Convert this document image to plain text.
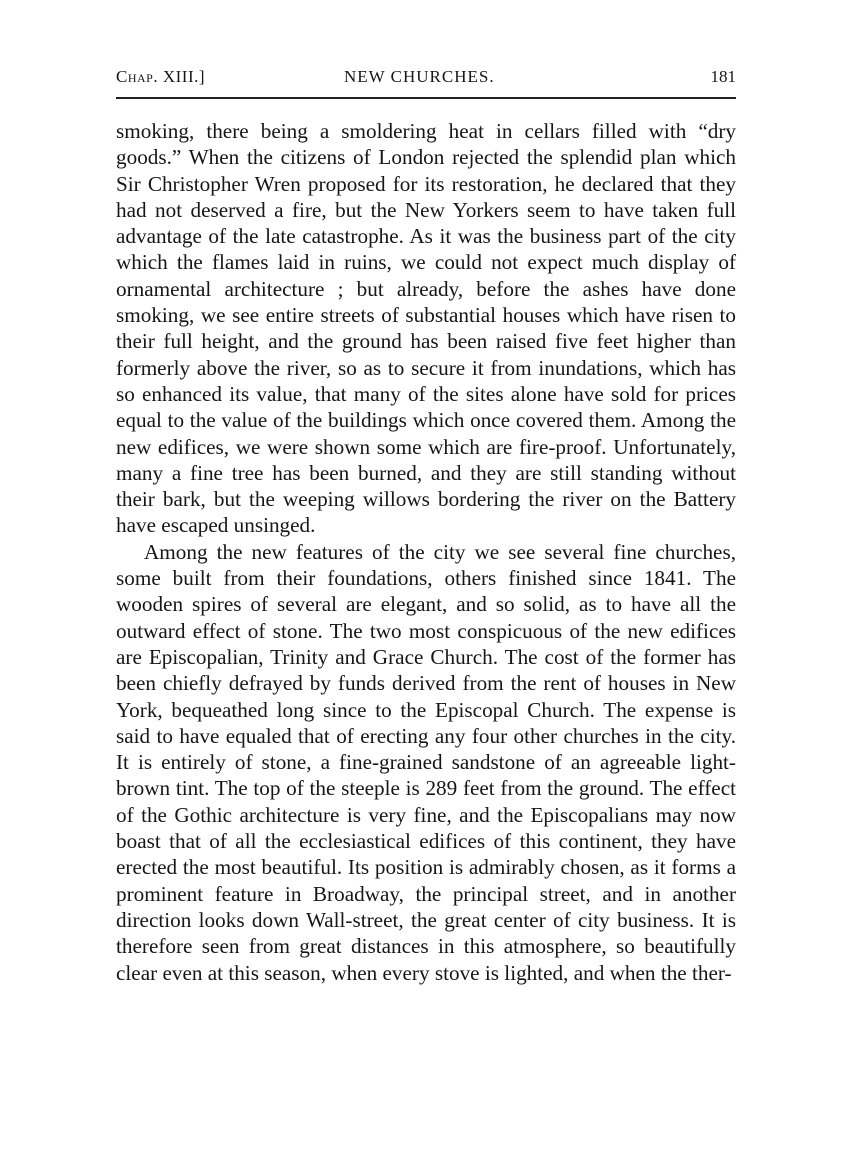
Chap. XIII.]	NEW CHURCHES.	181

smoking, there being a smoldering heat in cellars filled with “dry goods.” When the citizens of London rejected the splendid plan which Sir Christopher Wren proposed for its restoration, he declared that they had not deserved a fire, but the New Yorkers seem to have taken full advantage of the late catastrophe. As it was the business part of the city which the flames laid in ruins, we could not expect much display of ornamental architecture ; but already, before the ashes have done smoking, we see entire streets of substantial houses which have risen to their full height, and the ground has been raised five feet higher than formerly above the river, so as to secure it from inundations, which has so enhanced its value, that many of the sites alone have sold for prices equal to the value of the buildings which once covered them. Among the new edifices, we were shown some which are fire-proof. Unfortunately, many a fine tree has been burned, and they are still standing without their bark, but the weeping willows bordering the river on the Battery have escaped unsinged.

Among the new features of the city we see several fine churches, some built from their foundations, others finished since 1841. The wooden spires of several are elegant, and so solid, as to have all the outward effect of stone. The two most conspicuous of the new edifices are Episcopalian, Trinity and Grace Church. The cost of the former has been chiefly defrayed by funds derived from the rent of houses in New York, bequeathed long since to the Episcopal Church. The expense is said to have equaled that of erecting any four other churches in the city. It is entirely of stone, a fine-grained sandstone of an agreeable light-brown tint. The top of the steeple is 289 feet from the ground. The effect of the Gothic architecture is very fine, and the Episcopalians may now boast that of all the ecclesiastical edifices of this continent, they have erected the most beautiful. Its position is admirably chosen, as it forms a prominent feature in Broadway, the principal street, and in another direction looks down Wall-street, the great center of city business. It is therefore seen from great distances in this atmosphere, so beautifully clear even at this season, when every stove is lighted, and when the ther-
